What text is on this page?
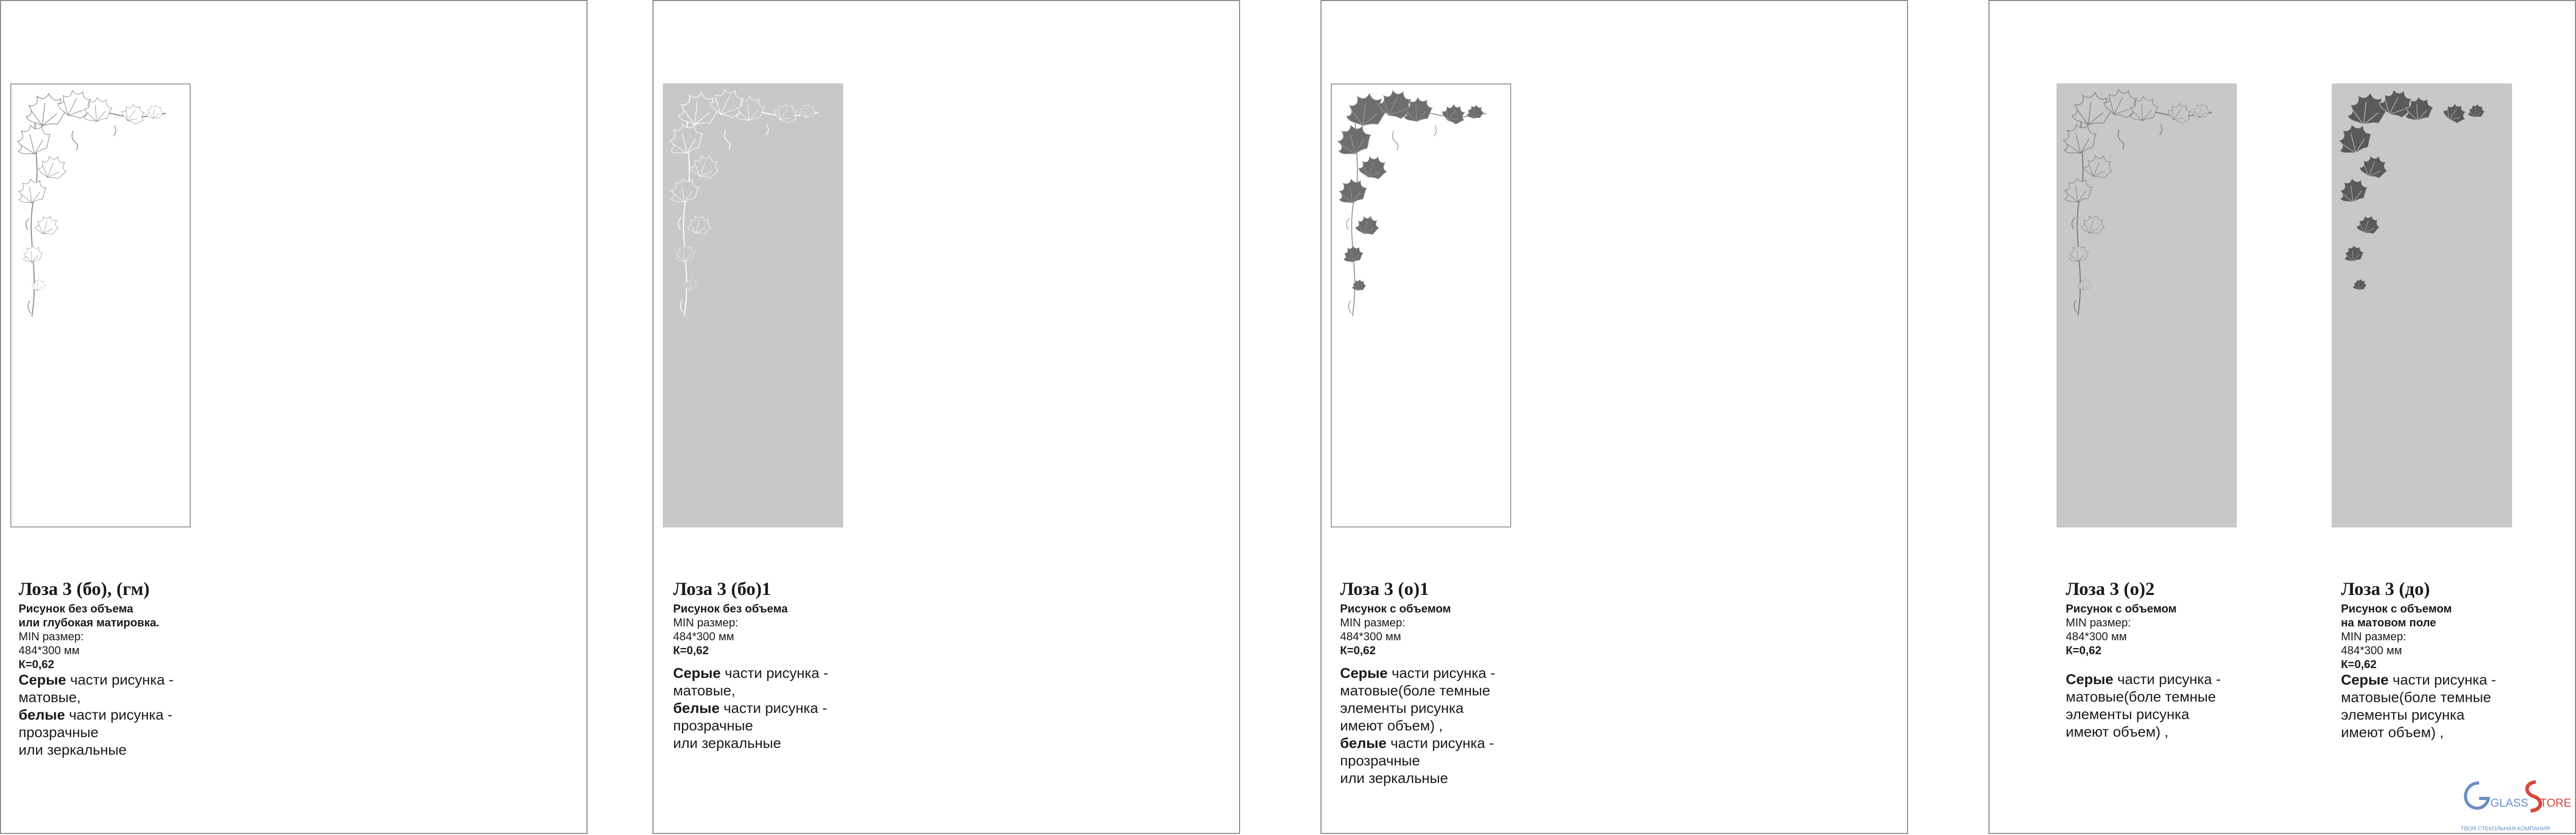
Лоза 3 (бо), (гм)
Рисунок без объема
или глубокая матировка.
MIN размер:
484*300 мм
К=0,62
Серые части рисунка -
матовые,
белые части рисунка -
прозрачные
или зеркальные
Лоза 3 (бо)1
Рисунок без объема
MIN размер:
484*300 мм
К=0,62
Серые части рисунка -
матовые,
белые части рисунка -
прозрачные
или зеркальные
Лоза 3 (о)1
Рисунок с объемом
MIN размер:
484*300 мм
К=0,62
Серые части рисунка -
матовые(боле темные
элементы рисунка
имеют объем) ,
белые части рисунка -
прозрачные
или зеркальные
Лоза 3 (о)2
Рисунок с объемом
MIN размер:
484*300 мм
К=0,62
Серые части рисунка -
матовые(боле темные
элементы рисунка
имеют объем) ,
Лоза 3 (до)
Рисунок с объемом
на матовом поле
MIN размер:
484*300 мм
К=0,62
Серые части рисунка -
матовые(боле темные
элементы рисунка
имеют объем) ,
GLASS TORE
ТВОЯ СТЕКОЛЬНАЯ КОМПАНИЯ
